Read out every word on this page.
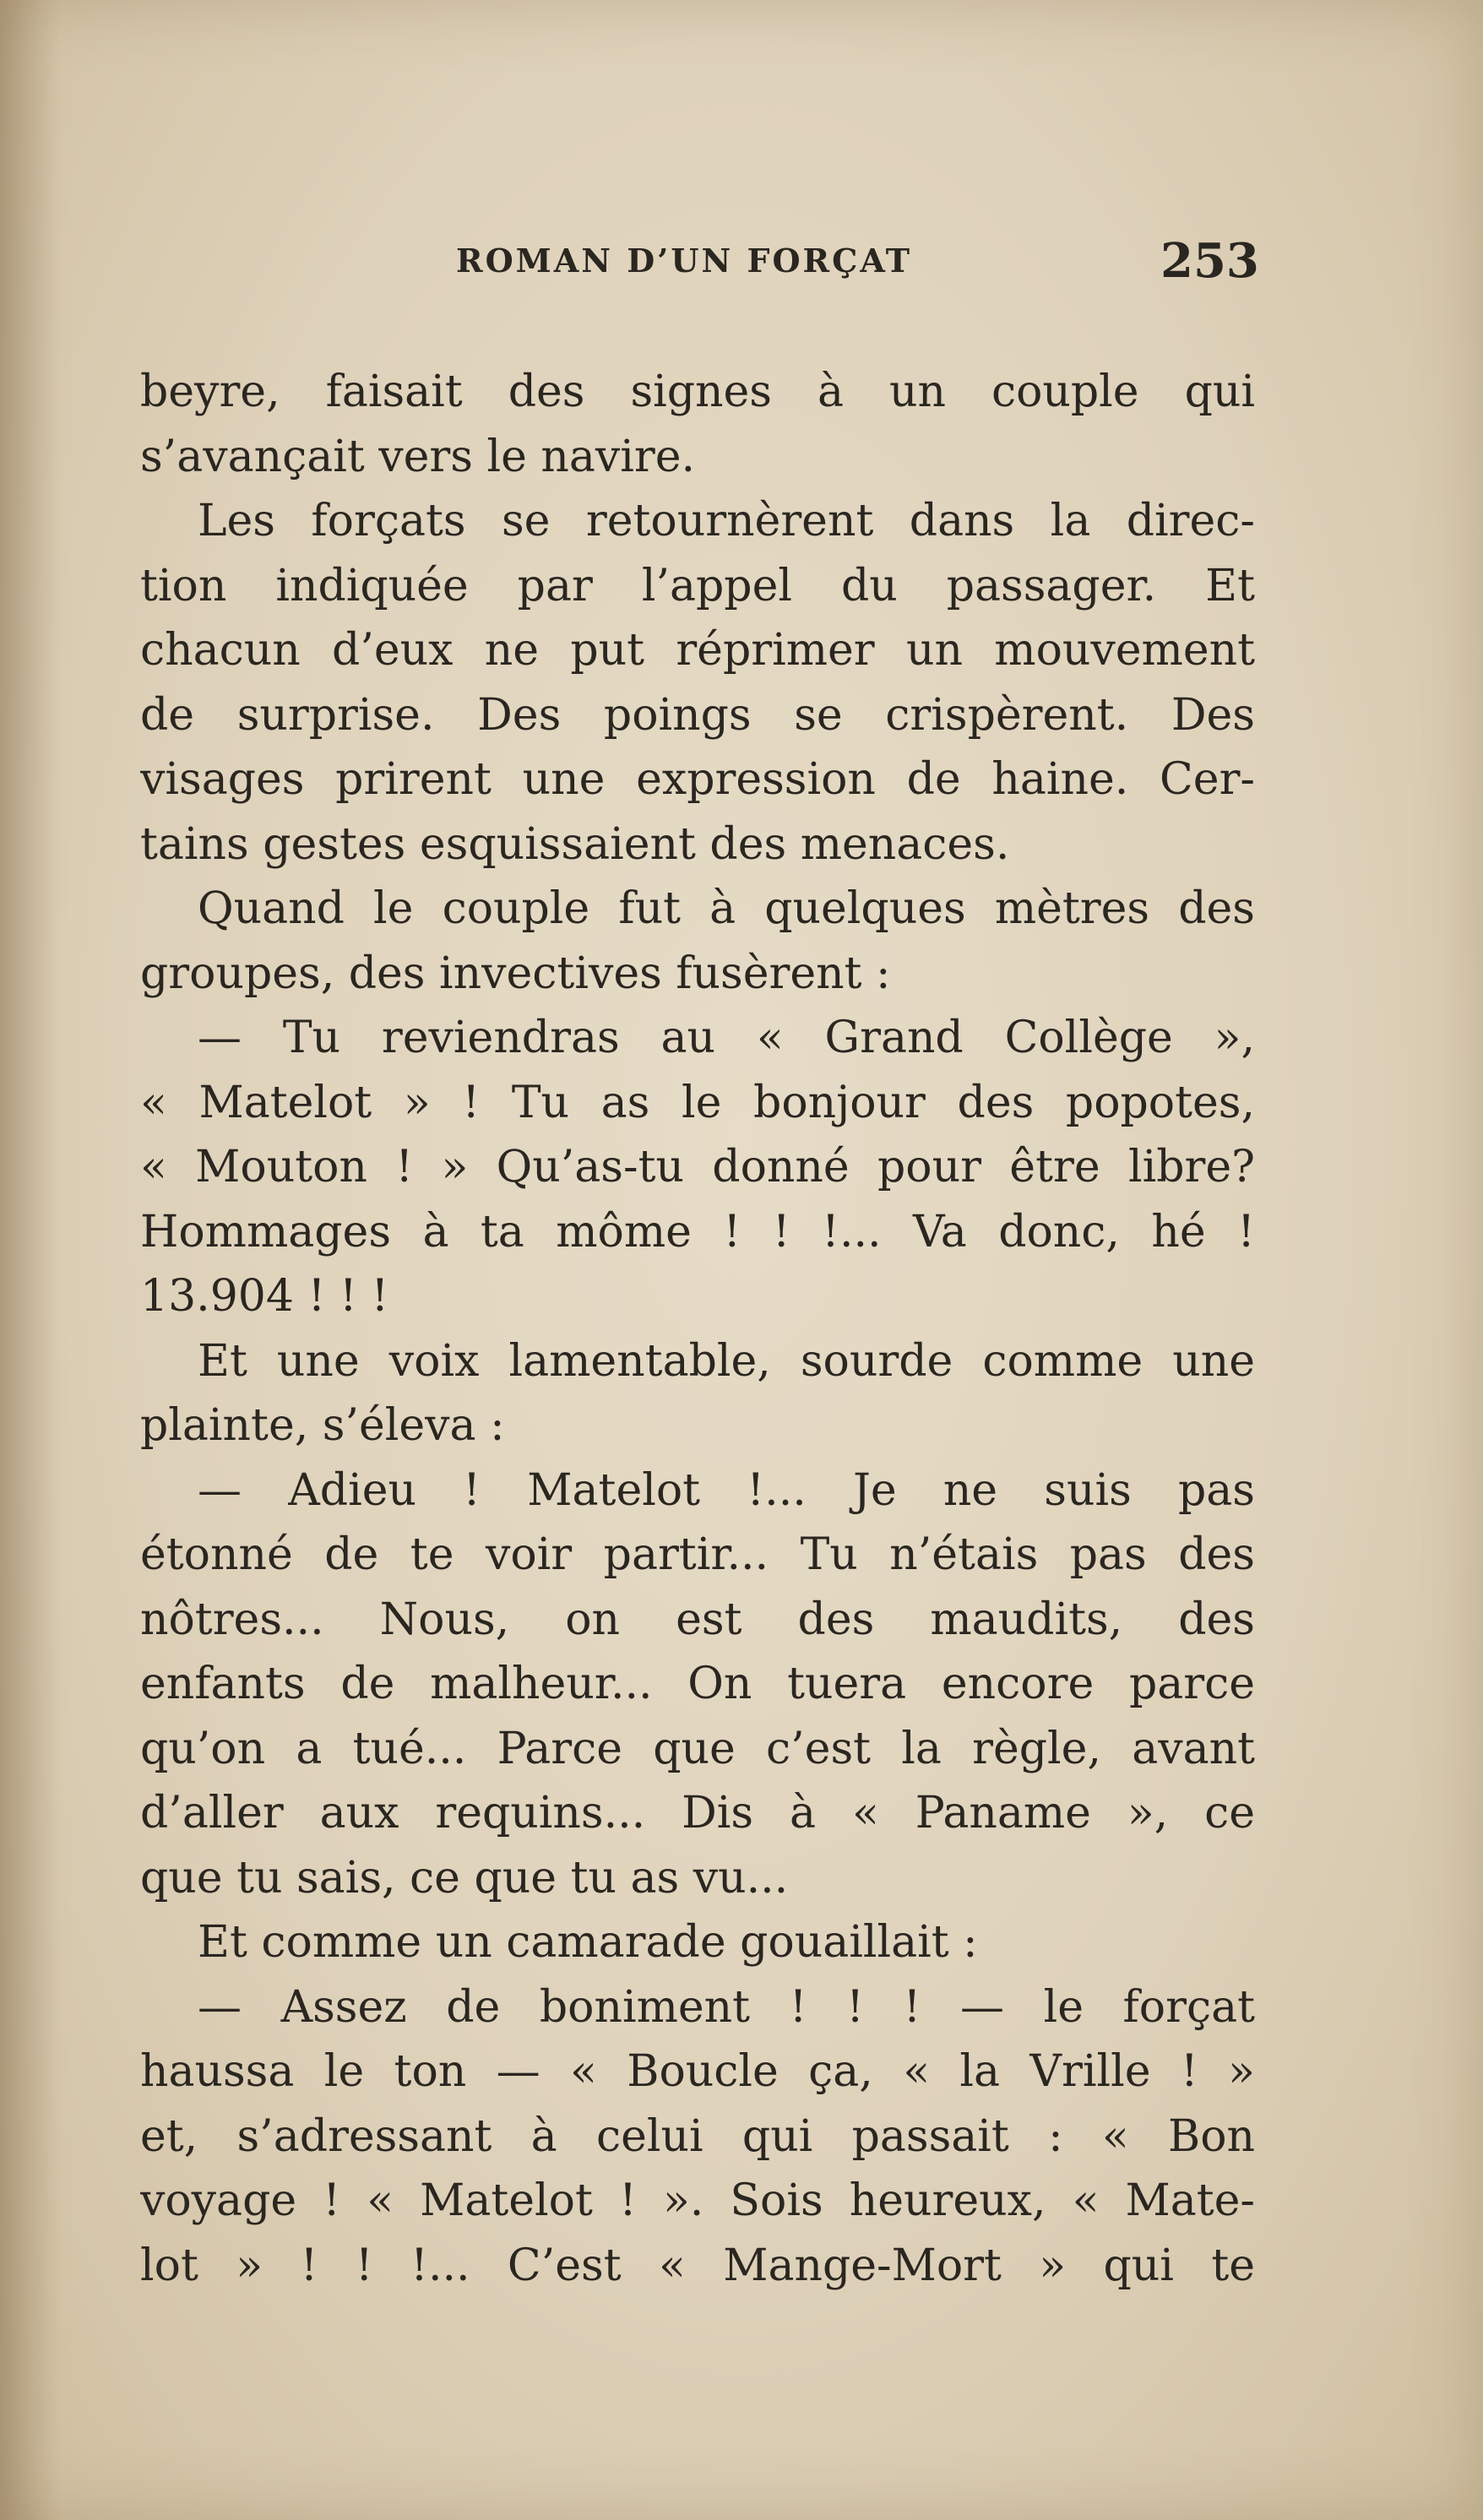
ROMAN D’UN FORÇAT	253
beyre, faisait des signes à un couple qui
s’avançait vers le navire.
Les forçats se retournèrent dans la direc-
tion indiquée par l’appel du passager. Et
chacun d’eux ne put réprimer un mouvement
de surprise. Des poings se crispèrent. Des
visages prirent une expression de haine. Cer-
tains gestes esquissaient des menaces.
Quand le couple fut à quelques mètres des
groupes, des invectives fusèrent :
— Tu reviendras au « Grand Collège »,
« Matelot » ! Tu as le bonjour des popotes,
« Mouton ! » Qu’as-tu donné pour être libre?
Hommages à ta môme ! ! !... Va donc, hé !
13.904 ! ! !
Et une voix lamentable, sourde comme une
plainte, s’éleva :
— Adieu ! Matelot !... Je ne suis pas
étonné de te voir partir... Tu n’étais pas des
nôtres... Nous, on est des maudits, des
enfants de malheur... On tuera encore parce
qu’on a tué... Parce que c’est la règle, avant
d’aller aux requins... Dis à « Paname », ce
que tu sais, ce que tu as vu...
Et comme un camarade gouaillait :
— Assez de boniment ! ! ! — le forçat
haussa le ton — « Boucle ça, « la Vrille ! »
et, s’adressant à celui qui passait : « Bon
voyage ! « Matelot ! ». Sois heureux, « Mate-
lot » ! ! !... C’est « Mange-Mort » qui te
